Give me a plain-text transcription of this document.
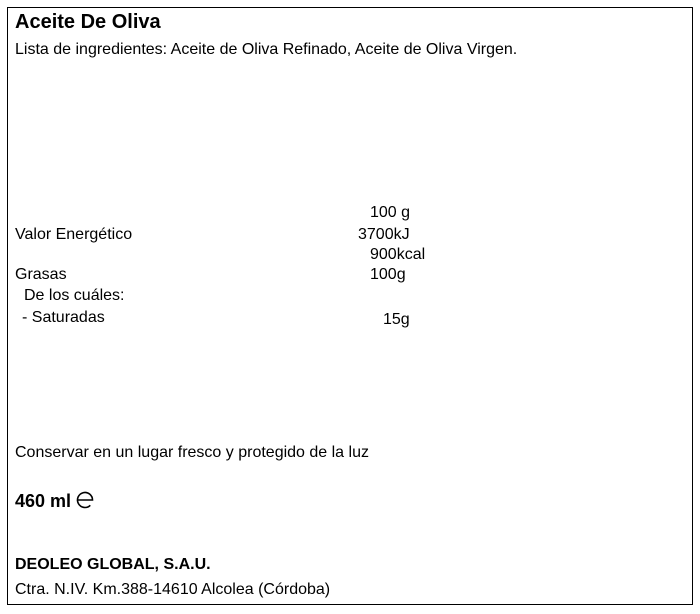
Aceite De Oliva
Lista de ingredientes: Aceite de Oliva Refinado, Aceite de Oliva Virgen.
100 g
Valor Energético	3700kJ
900kcal
Grasas	100g
De los cuáles:
- Saturadas	15g
Conservar en un lugar fresco y protegido de la luz
460 ml
DEOLEO GLOBAL, S.A.U.
Ctra. N.IV. Km.388-14610 Alcolea (Córdoba)
